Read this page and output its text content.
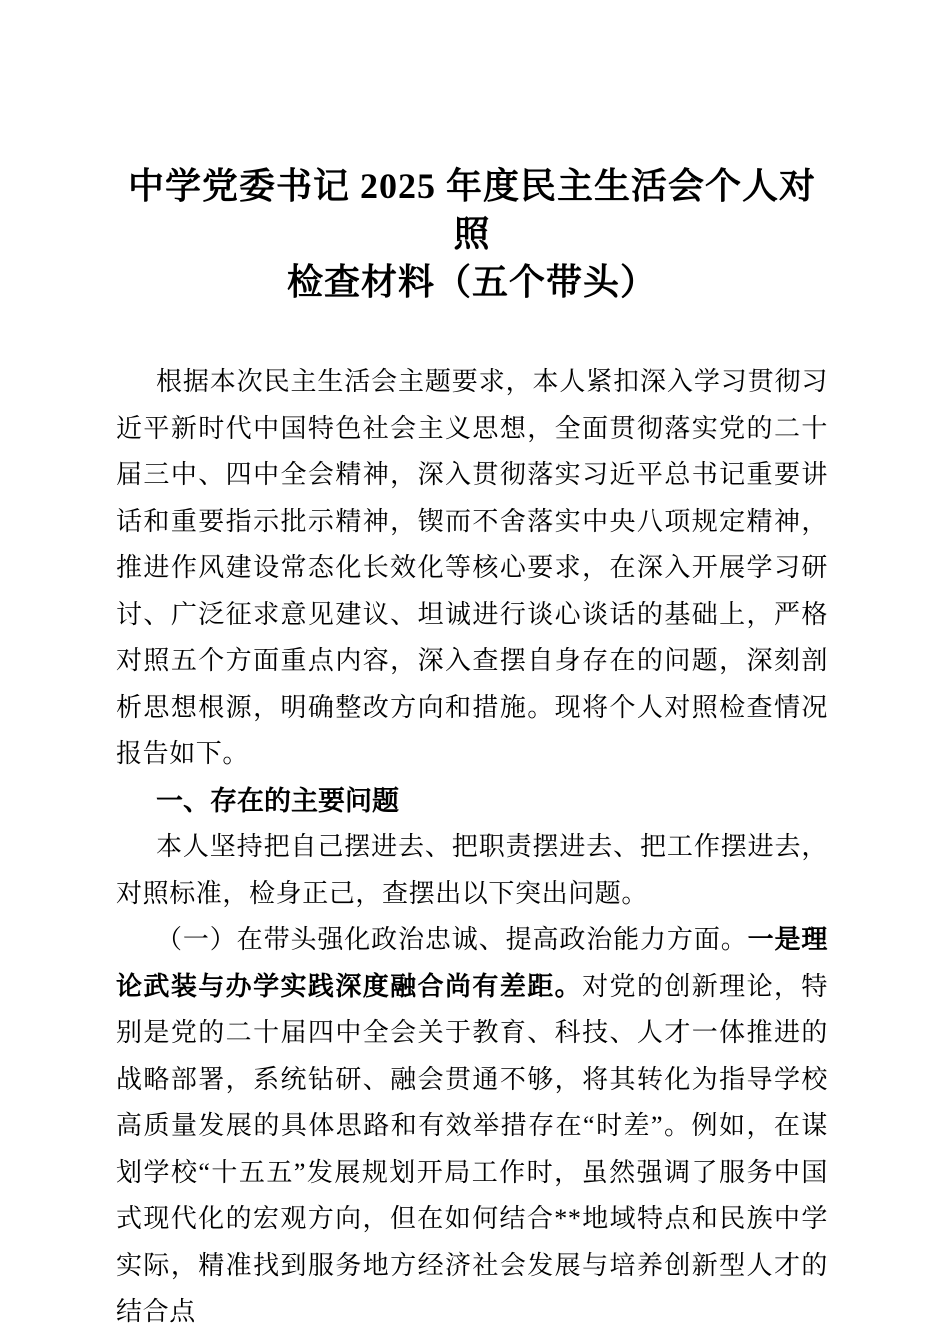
中学党委书记 2025 年度民主生活会个人对照
检查材料（五个带头）

根据本次民主生活会主题要求，本人紧扣深入学习贯彻习近平新时代中国特色社会主义思想，全面贯彻落实党的二十届三中、四中全会精神，深入贯彻落实习近平总书记重要讲话和重要指示批示精神，锲而不舍落实中央八项规定精神，推进作风建设常态化长效化等核心要求，在深入开展学习研讨、广泛征求意见建议、坦诚进行谈心谈话的基础上，严格对照五个方面重点内容，深入查摆自身存在的问题，深刻剖析思想根源，明确整改方向和措施。现将个人对照检查情况报告如下。

一、存在的主要问题

本人坚持把自己摆进去、把职责摆进去、把工作摆进去，对照标准，检身正己，查摆出以下突出问题。

（一）在带头强化政治忠诚、提高政治能力方面。一是理论武装与办学实践深度融合尚有差距。对党的创新理论，特别是党的二十届四中全会关于教育、科技、人才一体推进的战略部署，系统钻研、融会贯通不够，将其转化为指导学校高质量发展的具体思路和有效举措存在“时差”。例如，在谋划学校“十五五”发展规划开局工作时，虽然强调了服务中国式现代化的宏观方向，但在如何结合**地域特点和民族中学实际，精准找到服务地方经济社会发展与培养创新型人才的结合点
